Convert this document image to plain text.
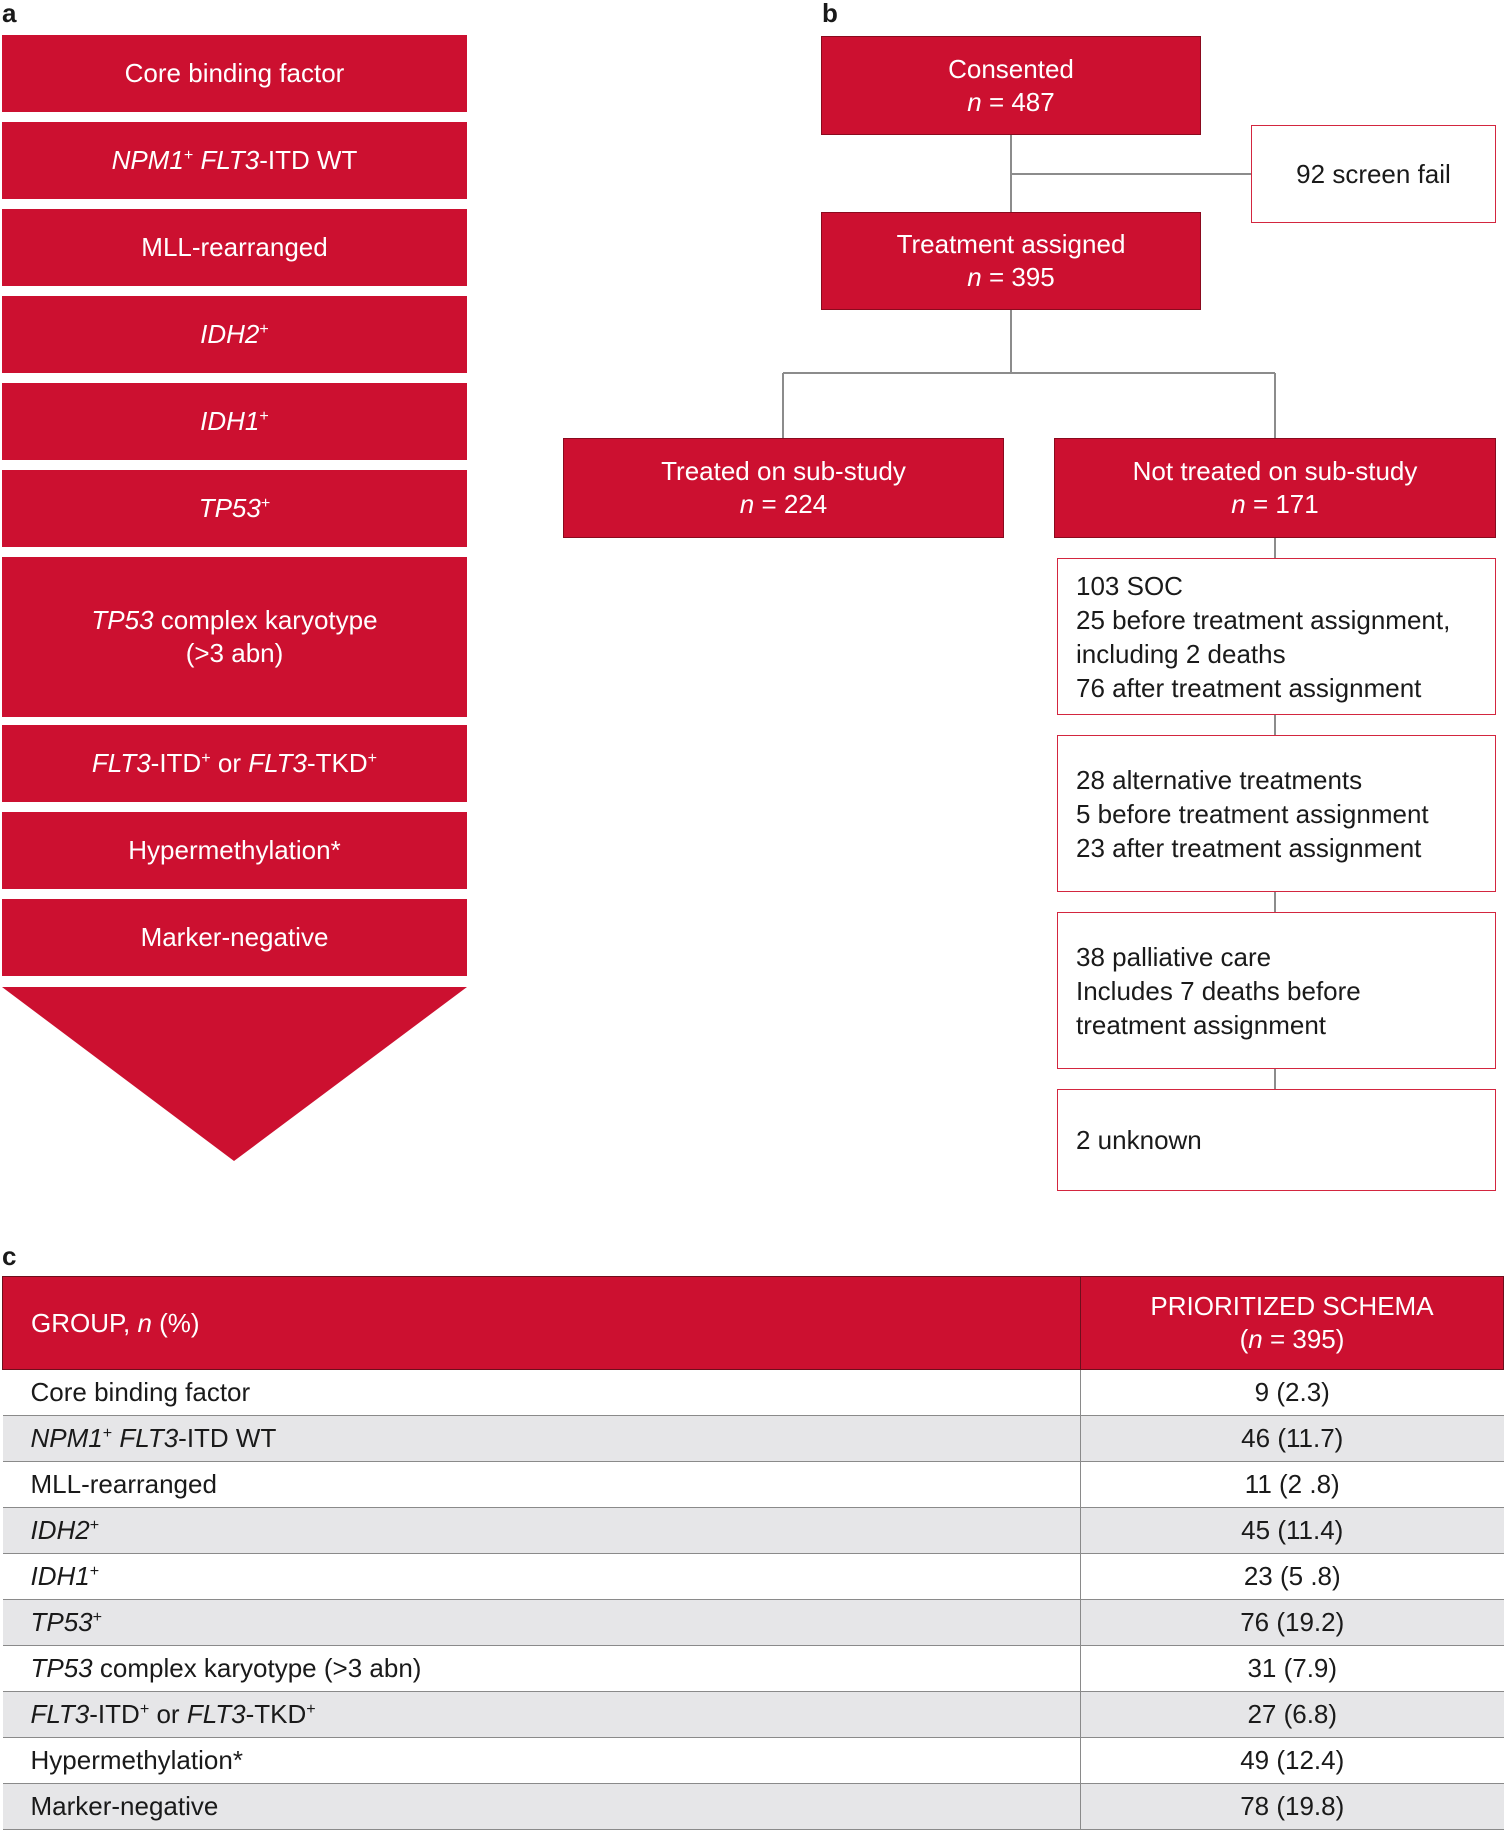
a	b
c
Core binding factor
NPM1+ FLT3-ITD WT
MLL-rearranged
IDH2+
IDH1+
TP53+
TP53 complex karyotype
(>3 abn)
FLT3-ITD+ or FLT3-TKD+
Hypermethylation*
Marker-negative
Consented
n = 487
92 screen fail
Treatment assigned
n = 395
Treated on sub-study
n = 224
Not treated on sub-study
n = 171
103 SOC
25 before treatment assignment,
including 2 deaths
76 after treatment assignment
28 alternative treatments
5 before treatment assignment
23 after treatment assignment
38 palliative care
Includes 7 deaths before
treatment assignment
2 unknown
GROUP, n (%)	PRIORITIZED SCHEMA
(n = 395)
Core binding factor	9 (2.3)
NPM1+ FLT3-ITD WT	46 (11.7)
MLL-rearranged	11 (2 .8)
IDH2+	45 (11.4)
IDH1+	23 (5 .8)
TP53+	76 (19.2)
TP53 complex karyotype (>3 abn)	31 (7.9)
FLT3-ITD+ or FLT3-TKD+	27 (6.8)
Hypermethylation*	49 (12.4)
Marker-negative	78 (19.8)
